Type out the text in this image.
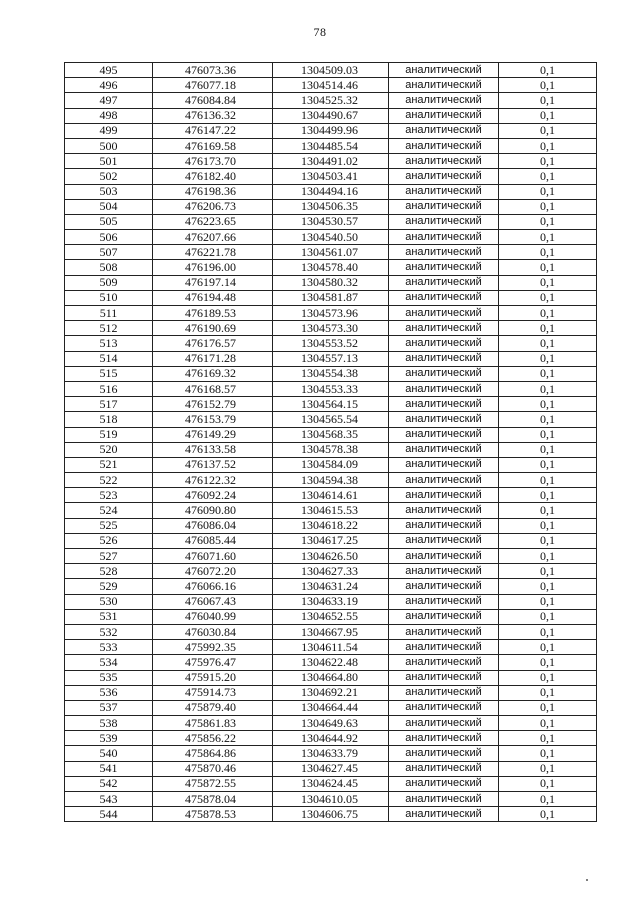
78
495	476073.36	1304509.03	аналитический	0,1
496	476077.18	1304514.46	аналитический	0,1
497	476084.84	1304525.32	аналитический	0,1
498	476136.32	1304490.67	аналитический	0,1
499	476147.22	1304499.96	аналитический	0,1
500	476169.58	1304485.54	аналитический	0,1
501	476173.70	1304491.02	аналитический	0,1
502	476182.40	1304503.41	аналитический	0,1
503	476198.36	1304494.16	аналитический	0,1
504	476206.73	1304506.35	аналитический	0,1
505	476223.65	1304530.57	аналитический	0,1
506	476207.66	1304540.50	аналитический	0,1
507	476221.78	1304561.07	аналитический	0,1
508	476196.00	1304578.40	аналитический	0,1
509	476197.14	1304580.32	аналитический	0,1
510	476194.48	1304581.87	аналитический	0,1
511	476189.53	1304573.96	аналитический	0,1
512	476190.69	1304573.30	аналитический	0,1
513	476176.57	1304553.52	аналитический	0,1
514	476171.28	1304557.13	аналитический	0,1
515	476169.32	1304554.38	аналитический	0,1
516	476168.57	1304553.33	аналитический	0,1
517	476152.79	1304564.15	аналитический	0,1
518	476153.79	1304565.54	аналитический	0,1
519	476149.29	1304568.35	аналитический	0,1
520	476133.58	1304578.38	аналитический	0,1
521	476137.52	1304584.09	аналитический	0,1
522	476122.32	1304594.38	аналитический	0,1
523	476092.24	1304614.61	аналитический	0,1
524	476090.80	1304615.53	аналитический	0,1
525	476086.04	1304618.22	аналитический	0,1
526	476085.44	1304617.25	аналитический	0,1
527	476071.60	1304626.50	аналитический	0,1
528	476072.20	1304627.33	аналитический	0,1
529	476066.16	1304631.24	аналитический	0,1
530	476067.43	1304633.19	аналитический	0,1
531	476040.99	1304652.55	аналитический	0,1
532	476030.84	1304667.95	аналитический	0,1
533	475992.35	1304611.54	аналитический	0,1
534	475976.47	1304622.48	аналитический	0,1
535	475915.20	1304664.80	аналитический	0,1
536	475914.73	1304692.21	аналитический	0,1
537	475879.40	1304664.44	аналитический	0,1
538	475861.83	1304649.63	аналитический	0,1
539	475856.22	1304644.92	аналитический	0,1
540	475864.86	1304633.79	аналитический	0,1
541	475870.46	1304627.45	аналитический	0,1
542	475872.55	1304624.45	аналитический	0,1
543	475878.04	1304610.05	аналитический	0,1
544	475878.53	1304606.75	аналитический	0,1
